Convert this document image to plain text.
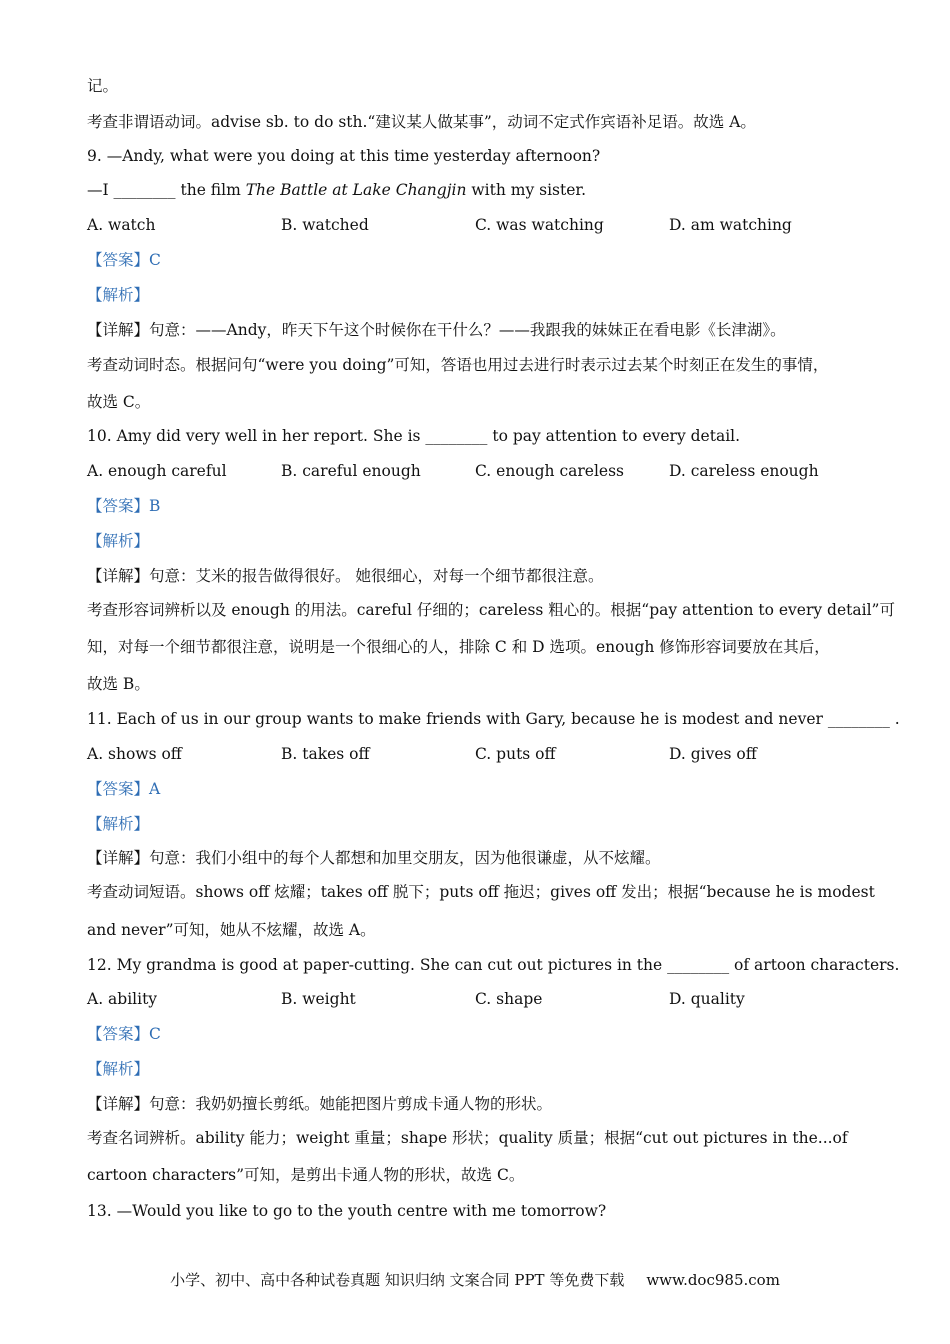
记。
考查非谓语动词。advise sb. to do sth.“建议某人做某事”，动词不定式作宾语补足语。故选 A。
9. —Andy, what were you doing at this time yesterday afternoon?
—I ________ the film The Battle at Lake Changjin with my sister.
A. watch	B. watched	C. was watching	D. am watching
【答案】C
【解析】
【详解】句意：——Andy，昨天下午这个时候你在干什么？——我跟我的妹妹正在看电影《长津湖》。
考查动词时态。根据问句“were you doing”可知，答语也用过去进行时表示过去某个时刻正在发生的事情，
故选 C。
10. Amy did very well in her report. She is ________ to pay attention to every detail.
A. enough careful	B. careful enough	C. enough careless	D. careless enough
【答案】B
【解析】
【详解】句意：艾米的报告做得很好。 她很细心，对每一个细节都很注意。
考查形容词辨析以及 enough 的用法。careful 仔细的；careless 粗心的。根据“pay attention to every detail”可
知，对每一个细节都很注意，说明是一个很细心的人，排除 C 和 D 选项。enough 修饰形容词要放在其后，
故选 B。
11. Each of us in our group wants to make friends with Gary, because he is modest and never ________ .
A. shows off	B. takes off	C. puts off	D. gives off
【答案】A
【解析】
【详解】句意：我们小组中的每个人都想和加里交朋友，因为他很谦虚，从不炫耀。
考查动词短语。shows off 炫耀；takes off 脱下；puts off 拖迟；gives off 发出；根据“because he is modest
and never”可知，她从不炫耀，故选 A。
12. My grandma is good at paper-cutting. She can cut out pictures in the ________ of artoon characters.
A. ability	B. weight	C. shape	D. quality
【答案】C
【解析】
【详解】句意：我奶奶擅长剪纸。她能把图片剪成卡通人物的形状。
考查名词辨析。ability 能力；weight 重量；shape 形状；quality 质量；根据“cut out pictures in the...of
cartoon characters”可知，是剪出卡通人物的形状，故选 C。
13. —Would you like to go to the youth centre with me tomorrow?
小学、初中、高中各种试卷真题 知识归纳 文案合同 PPT 等免费下载 www.doc985.com
